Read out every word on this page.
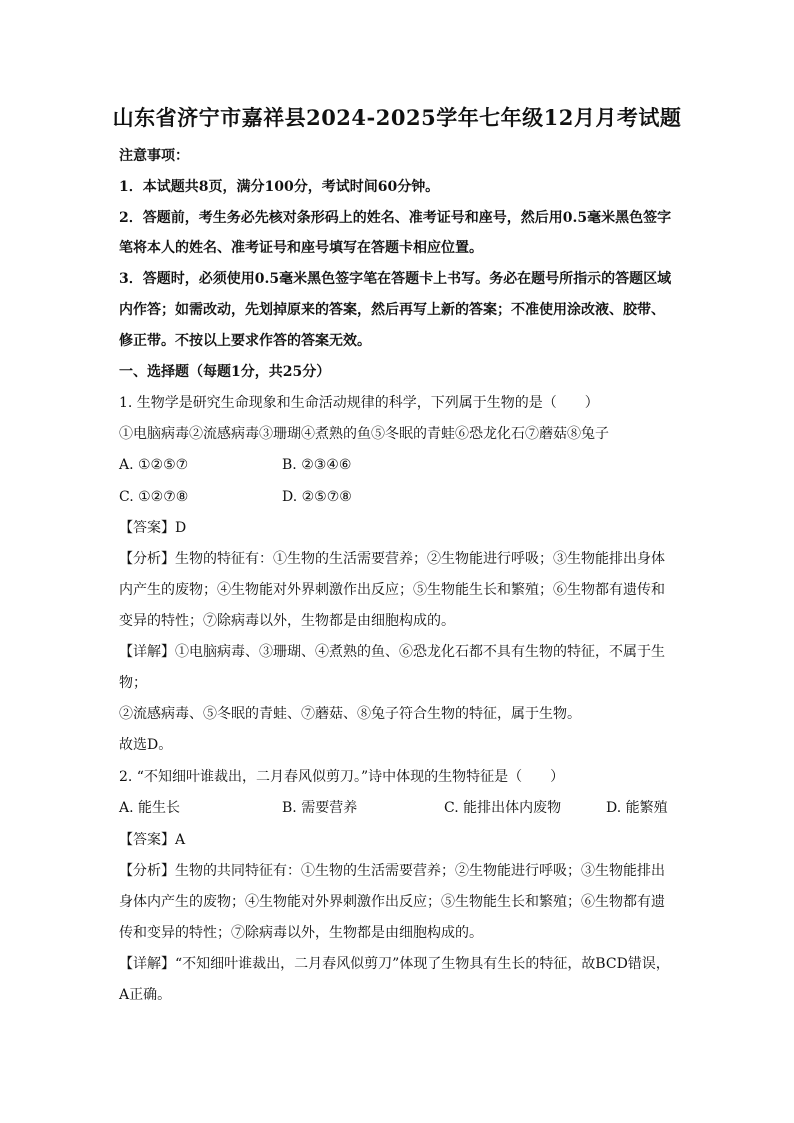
山东省济宁市嘉祥县2024-2025学年七年级12月月考试题
注意事项：
1．本试题共8页，满分100分，考试时间60分钟。
2．答题前，考生务必先核对条形码上的姓名、准考证号和座号，然后用0.5毫米黑色签字
笔将本人的姓名、准考证号和座号填写在答题卡相应位置。
3．答题时，必须使用0.5毫米黑色签字笔在答题卡上书写。务必在题号所指示的答题区域
内作答；如需改动，先划掉原来的答案，然后再写上新的答案；不准使用涂改液、胶带、
修正带。不按以上要求作答的答案无效。
一、选择题（每题1分，共25分）
1. 生物学是研究生命现象和生命活动规律的科学，下列属于生物的是（　　）
①电脑病毒②流感病毒③珊瑚④煮熟的鱼⑤冬眠的青蛙⑥恐龙化石⑦蘑菇⑧兔子
A. ①②⑤⑦	B. ②③④⑥
C. ①②⑦⑧	D. ②⑤⑦⑧
【答案】D
【分析】生物的特征有：①生物的生活需要营养；②生物能进行呼吸；③生物能排出身体
内产生的废物；④生物能对外界刺激作出反应；⑤生物能生长和繁殖；⑥生物都有遗传和
变异的特性；⑦除病毒以外，生物都是由细胞构成的。
【详解】①电脑病毒、③珊瑚、④煮熟的鱼、⑥恐龙化石都不具有生物的特征，不属于生
物；
②流感病毒、⑤冬眠的青蛙、⑦蘑菇、⑧兔子符合生物的特征，属于生物。
故选D。
2. “不知细叶谁裁出，二月春风似剪刀。”诗中体现的生物特征是（　　）
A. 能生长	B. 需要营养	C. 能排出体内废物	D. 能繁殖
【答案】A
【分析】生物的共同特征有：①生物的生活需要营养；②生物能进行呼吸；③生物能排出
身体内产生的废物；④生物能对外界刺激作出反应；⑤生物能生长和繁殖；⑥生物都有遗
传和变异的特性；⑦除病毒以外，生物都是由细胞构成的。
【详解】“不知细叶谁裁出，二月春风似剪刀”体现了生物具有生长的特征，故BCD错误，
A正确。
